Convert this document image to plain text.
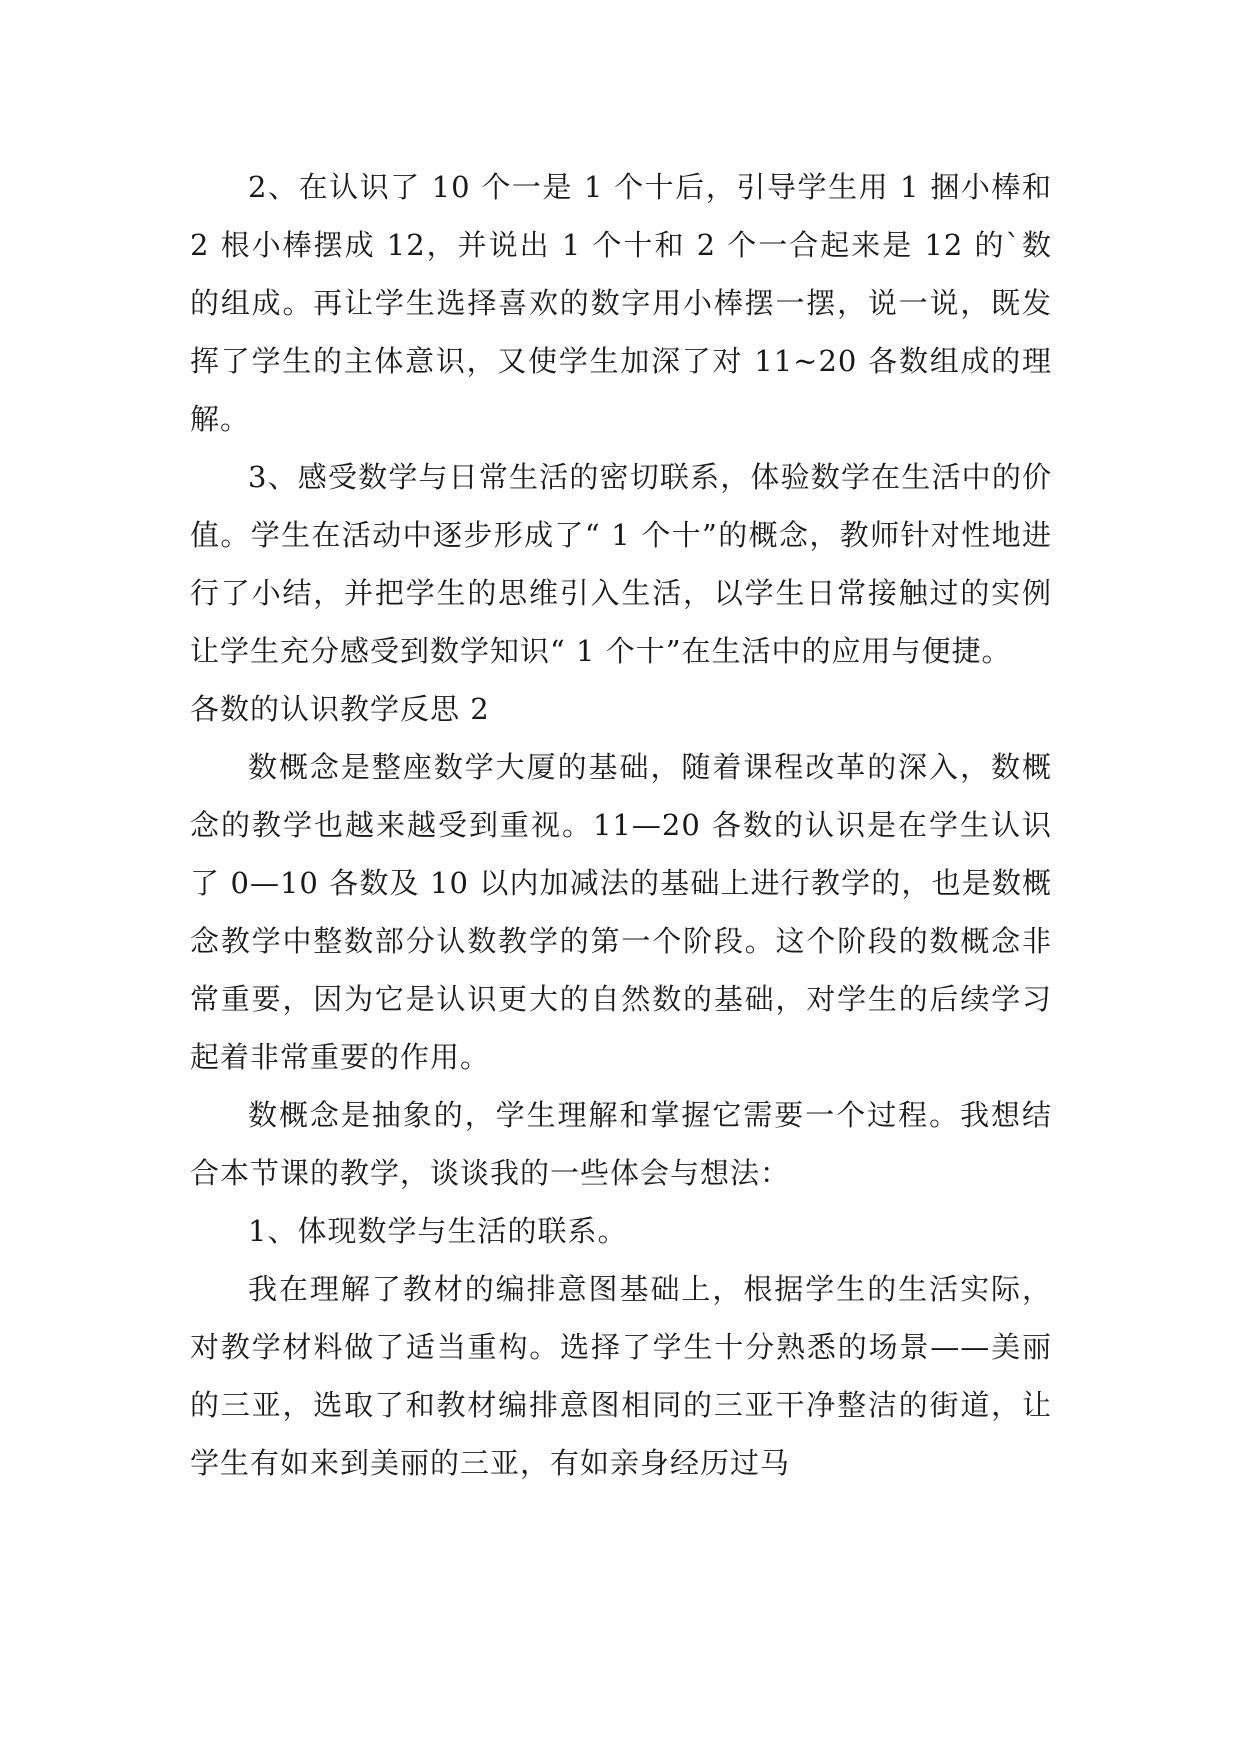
2、在认识了 10 个一是 1 个十后，引导学生用 1 捆小棒和 2 根小棒摆成 12，并说出 1 个十和 2 个一合起来是 12 的`数的组成。再让学生选择喜欢的数字用小棒摆一摆，说一说，既发挥了学生的主体意识，又使学生加深了对 11~20 各数组成的理解。

3、感受数学与日常生活的密切联系，体验数学在生活中的价值。学生在活动中逐步形成了“ 1 个十”的概念，教师针对性地进行了小结，并把学生的思维引入生活，以学生日常接触过的实例让学生充分感受到数学知识“ 1 个十”在生活中的应用与便捷。

各数的认识教学反思 2

数概念是整座数学大厦的基础，随着课程改革的深入，数概念的教学也越来越受到重视。11—20 各数的认识是在学生认识了 0—10 各数及 10 以内加减法的基础上进行教学的，也是数概念教学中整数部分认数教学的第一个阶段。这个阶段的数概念非常重要，因为它是认识更大的自然数的基础，对学生的后续学习起着非常重要的作用。

数概念是抽象的，学生理解和掌握它需要一个过程。我想结合本节课的教学，谈谈我的一些体会与想法：

1、体现数学与生活的联系。

我在理解了教材的编排意图基础上，根据学生的生活实际，对教学材料做了适当重构。选择了学生十分熟悉的场景——美丽的三亚，选取了和教材编排意图相同的三亚干净整洁的街道，让学生有如来到美丽的三亚，有如亲身经历过马
